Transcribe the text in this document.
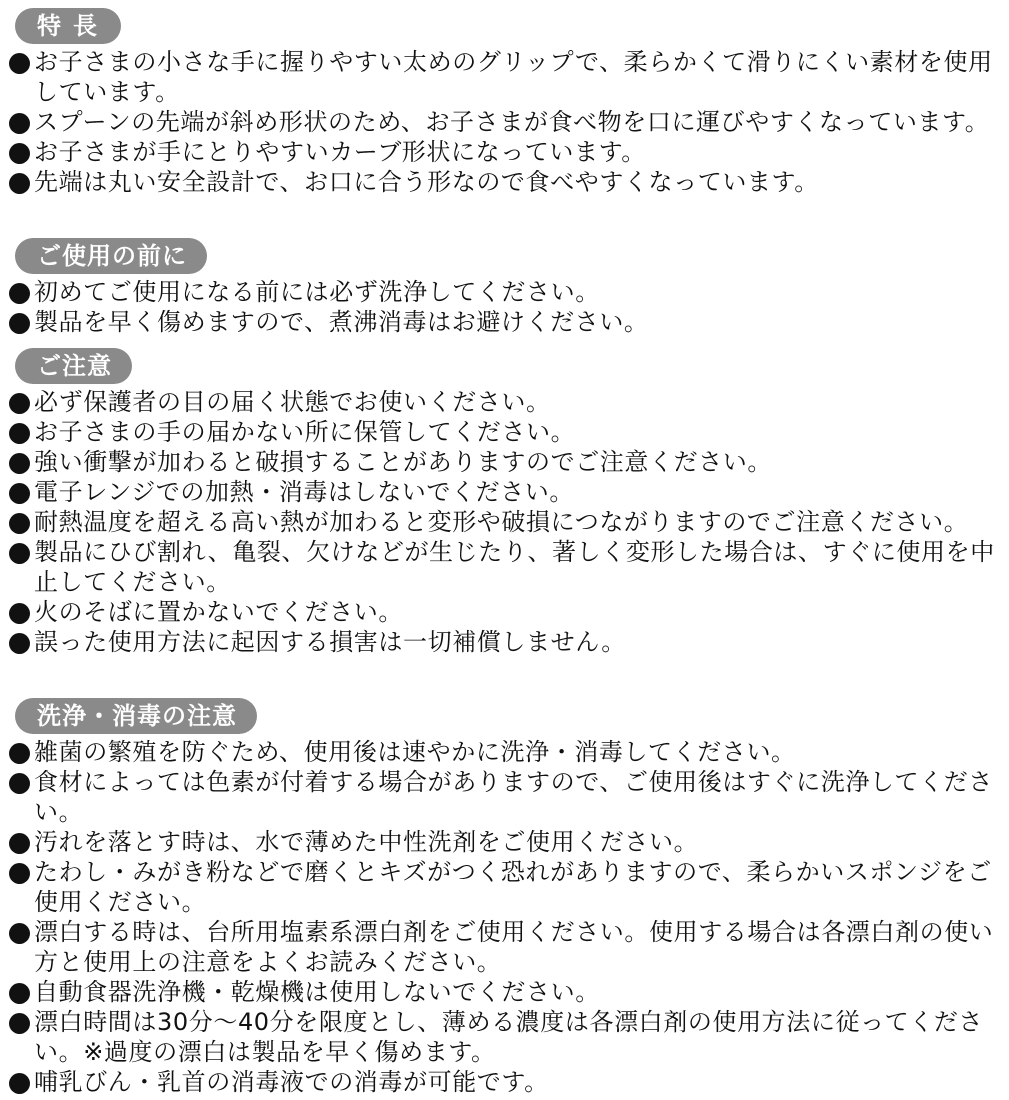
特長
お子さまの小さな手に握りやすい太めのグリップで、柔らかくて滑りにくい素材を使用しています。
スプーンの先端が斜め形状のため、お子さまが食べ物を口に運びやすくなっています。
お子さまが手にとりやすいカーブ形状になっています。
先端は丸い安全設計で、お口に合う形なので食べやすくなっています。
ご使用の前に
初めてご使用になる前には必ず洗浄してください。
製品を早く傷めますので、煮沸消毒はお避けください。
ご注意
必ず保護者の目の届く状態でお使いください。
お子さまの手の届かない所に保管してください。
強い衝撃が加わると破損することがありますのでご注意ください。
電子レンジでの加熱・消毒はしないでください。
耐熱温度を超える高い熱が加わると変形や破損につながりますのでご注意ください。
製品にひび割れ、亀裂、欠けなどが生じたり、著しく変形した場合は、すぐに使用を中止してください。
火のそばに置かないでください。
誤った使用方法に起因する損害は一切補償しません。
洗浄・消毒の注意
雑菌の繁殖を防ぐため、使用後は速やかに洗浄・消毒してください。
食材によっては色素が付着する場合がありますので、ご使用後はすぐに洗浄してください。
汚れを落とす時は、水で薄めた中性洗剤をご使用ください。
たわし・みがき粉などで磨くとキズがつく恐れがありますので、柔らかいスポンジをご使用ください。
漂白する時は、台所用塩素系漂白剤をご使用ください。使用する場合は各漂白剤の使い方と使用上の注意をよくお読みください。
自動食器洗浄機・乾燥機は使用しないでください。
漂白時間は30分～40分を限度とし、薄める濃度は各漂白剤の使用方法に従ってください。※過度の漂白は製品を早く傷めます。
哺乳びん・乳首の消毒液での消毒が可能です。
